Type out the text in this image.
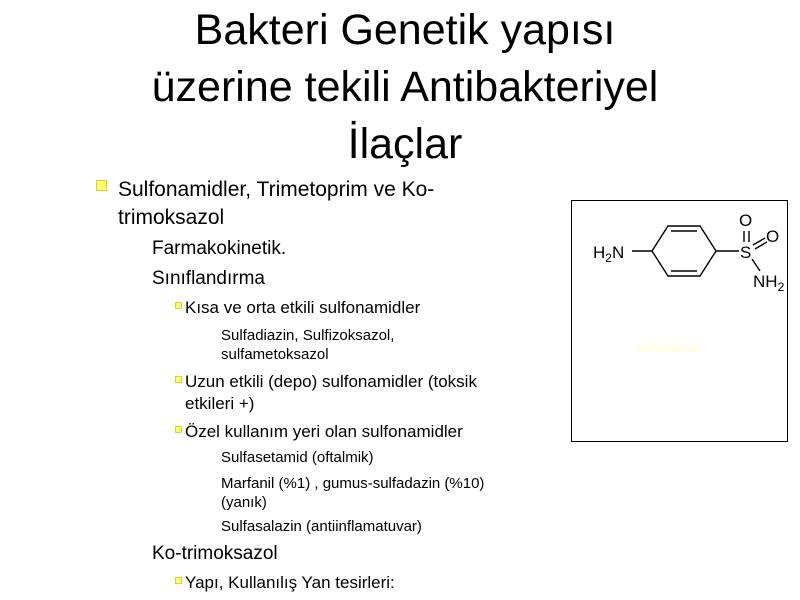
Bakteri Genetik yapısı
üzerine tekili Antibakteriyel
İlaçlar
Sulfonamidler, Trimetoprim ve Ko-
trimoksazol
Farmakokinetik.
Sınıflandırma
Kısa ve orta etkili sulfonamidler
Sulfadiazin, Sulfizoksazol,
sulfametoksazol
Uzun etkili (depo) sulfonamidler (toksik
etkileri +)
Özel kullanım yeri olan sulfonamidler
Sulfasetamid (oftalmik)
Marfanil (%1) , gumus-sulfadazin (%10)
(yanık)
Sulfasalazin (antiinflamatuvar)
Ko-trimoksazol
Yapı, Kullanılış Yan tesirleri:
$H_2N$	S
O
O
$NH_2$
sulfanilamid
